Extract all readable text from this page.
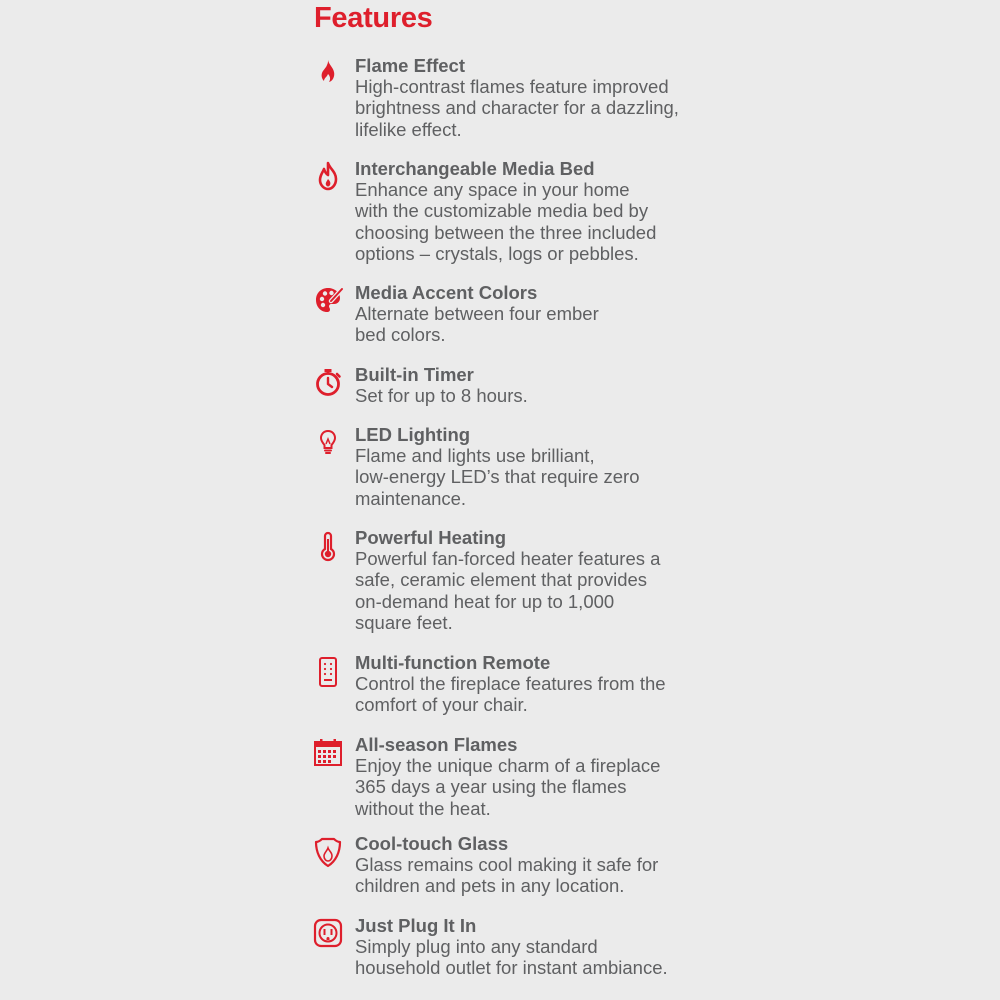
Features
Flame Effect
High-contrast flames feature improved
brightness and character for a dazzling,
lifelike effect.
Interchangeable Media Bed
Enhance any space in your home
with the customizable media bed by
choosing between the three included
options – crystals, logs or pebbles.
Media Accent Colors
Alternate between four ember
bed colors.
Built-in Timer
Set for up to 8 hours.
LED Lighting
Flame and lights use brilliant,
low-energy LED’s that require zero
maintenance.
Powerful Heating
Powerful fan-forced heater features a
safe, ceramic element that provides
on-demand heat for up to 1,000
square feet.
Multi-function Remote
Control the fireplace features from the
comfort of your chair.
All-season Flames
Enjoy the unique charm of a fireplace
365 days a year using the flames
without the heat.
Cool-touch Glass
Glass remains cool making it safe for
children and pets in any location.
Just Plug It In
Simply plug into any standard
household outlet for instant ambiance.
